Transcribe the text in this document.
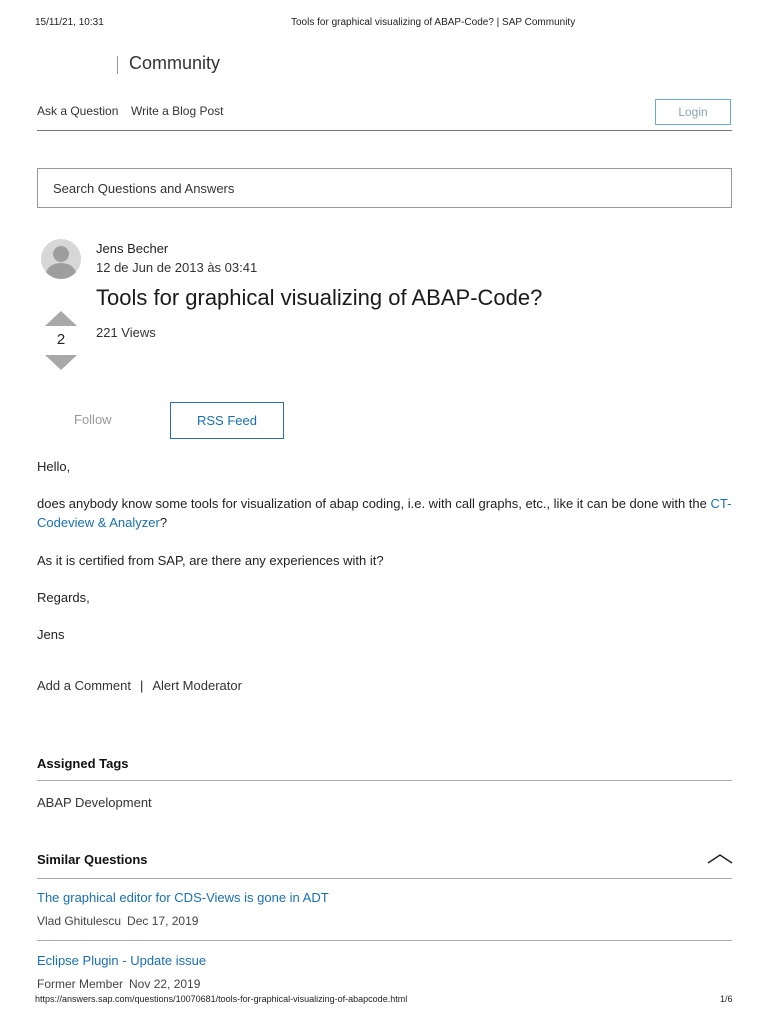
15/11/21, 10:31	Tools for graphical visualizing of ABAP-Code? | SAP Community
Community
Ask a Question Write a Blog Post	Login
Search Questions and Answers
Jens Becher
12 de Jun de 2013 às 03:41
Tools for graphical visualizing of ABAP-Code?
221 Views
2
Follow	RSS Feed
Hello,
does anybody know some tools for visualization of abap coding, i.e. with call graphs, etc., like it can be done with the CT-Codeview & Analyzer?
As it is certified from SAP, are there any experiences with it?
Regards,
Jens
Add a Comment | Alert Moderator
Assigned Tags
ABAP Development
Similar Questions
The graphical editor for CDS-Views is gone in ADT
Vlad Ghitulescu Dec 17, 2019
Eclipse Plugin - Update issue
Former Member Nov 22, 2019
https://answers.sap.com/questions/10070681/tools-for-graphical-visualizing-of-abapcode.html	1/6
